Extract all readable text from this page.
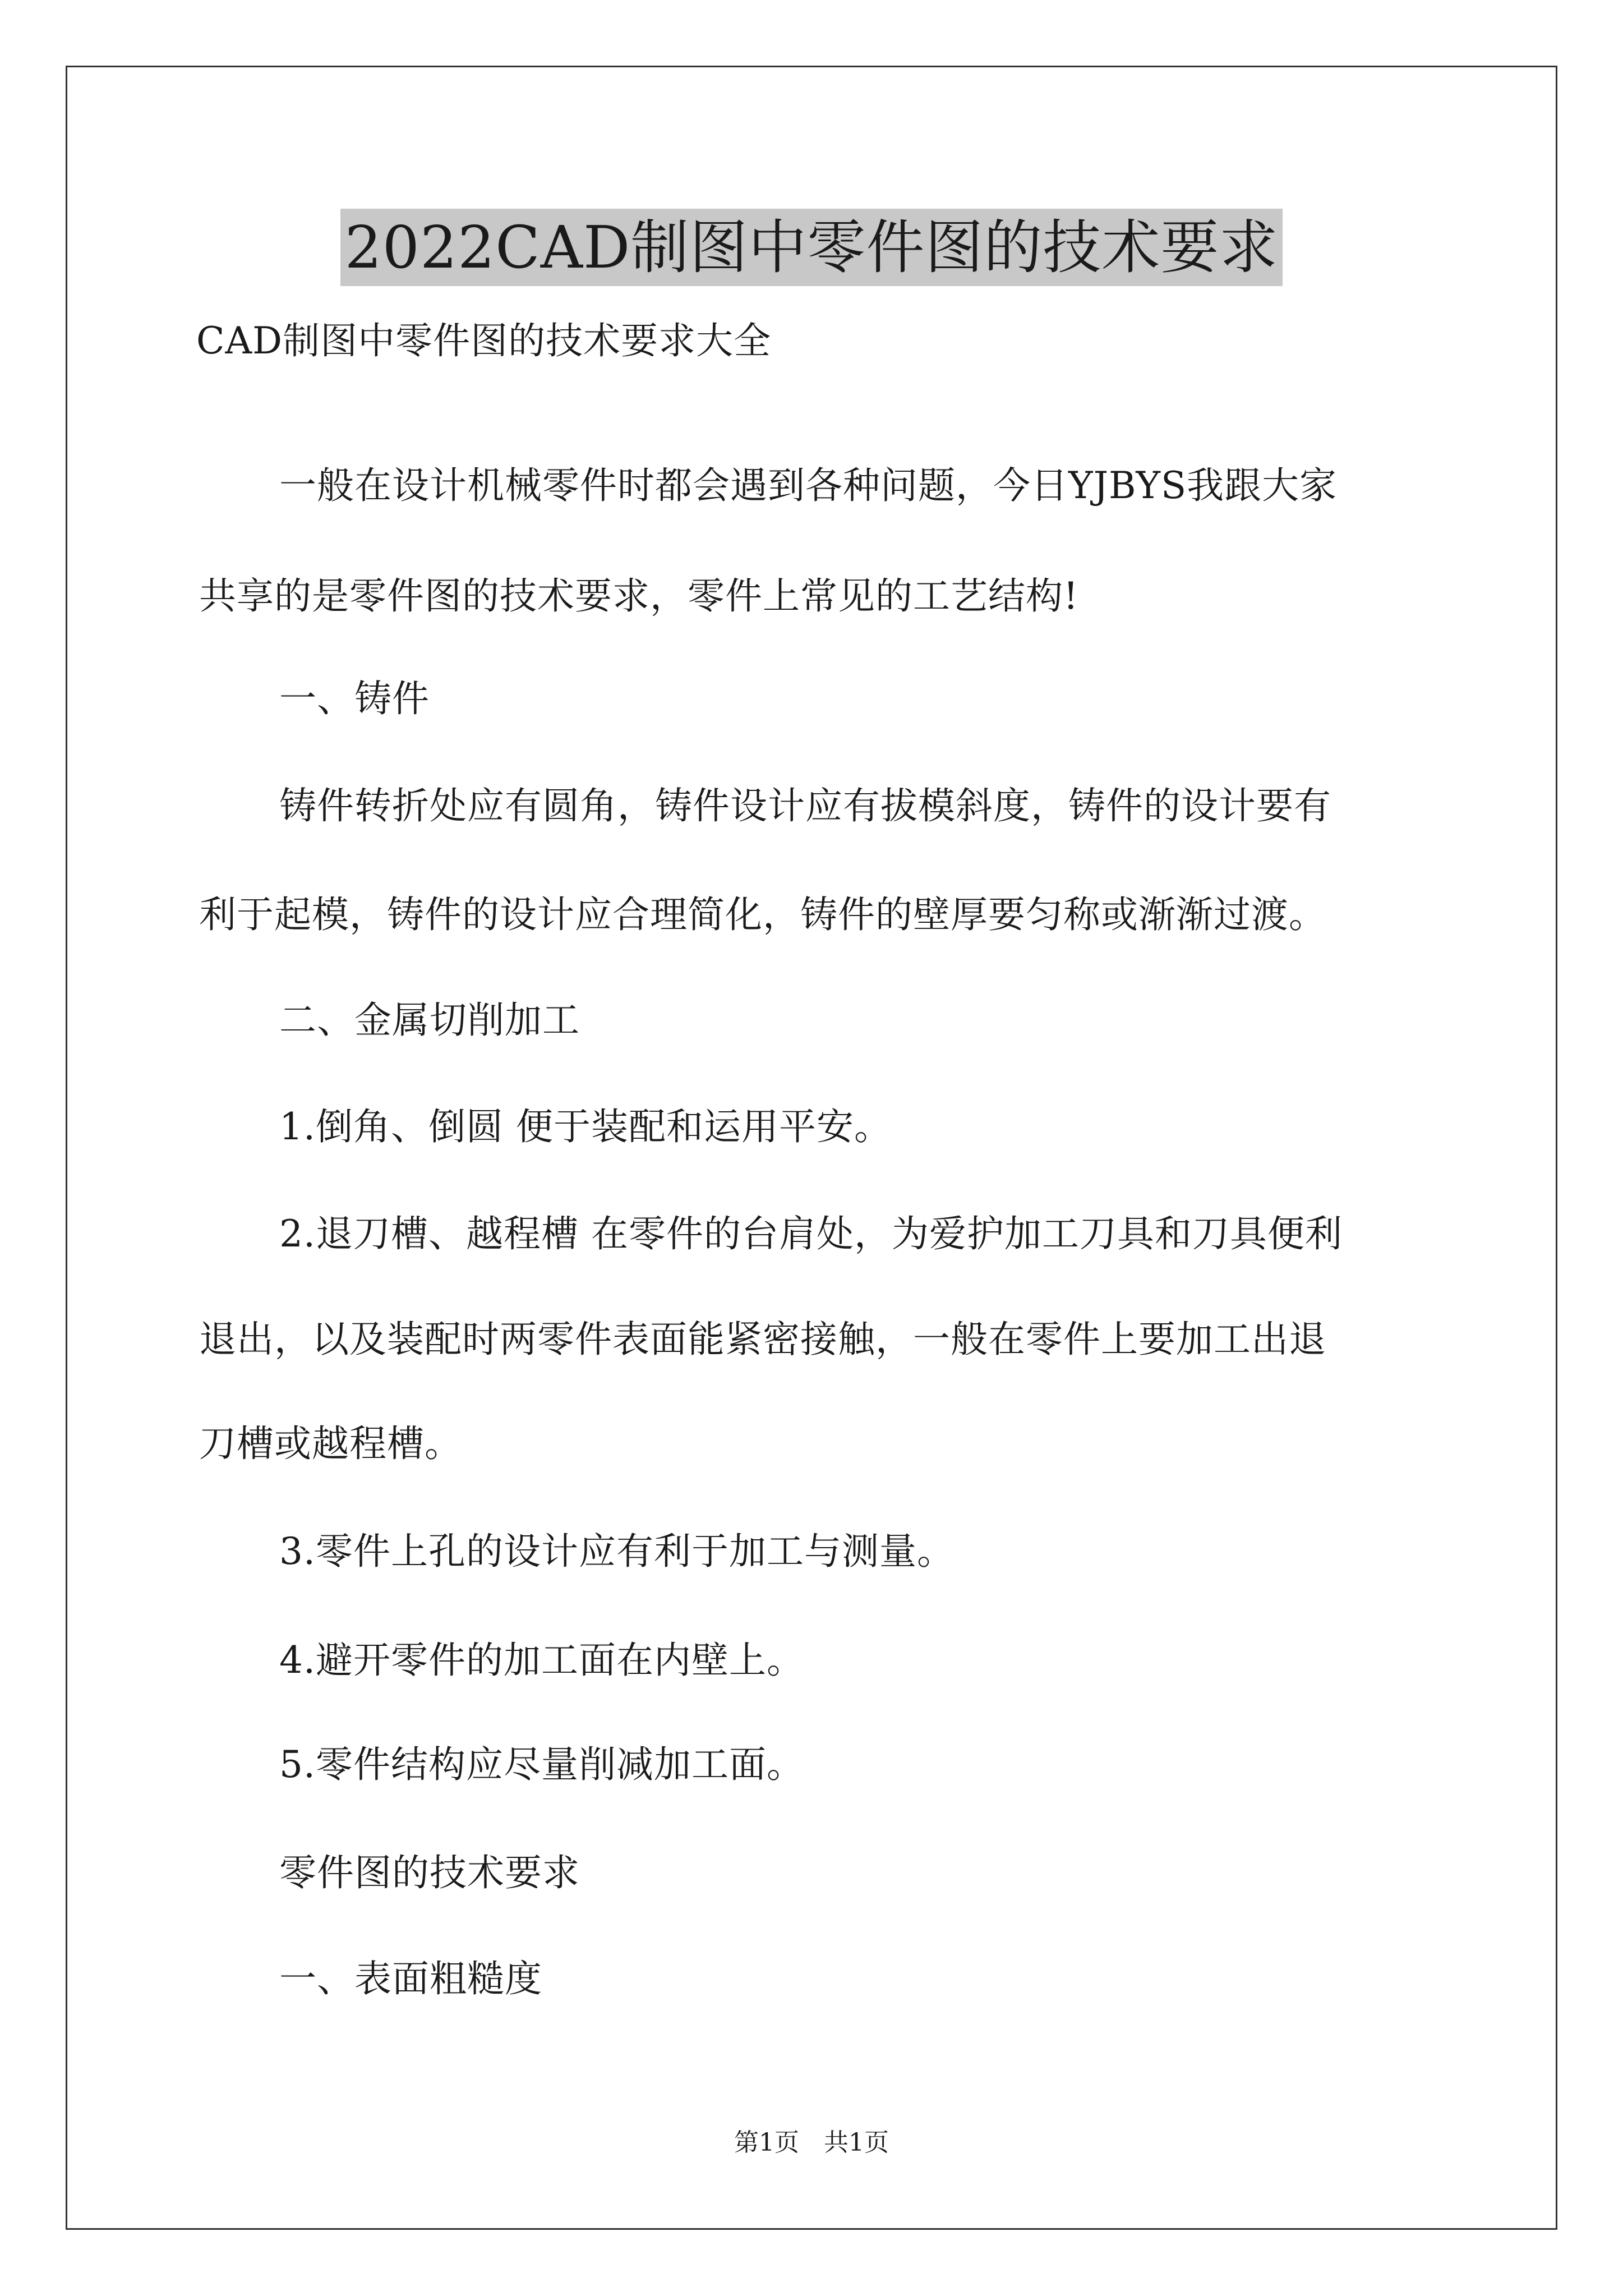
2022CAD制图中零件图的技术要求
CAD制图中零件图的技术要求大全
一般在设计机械零件时都会遇到各种问题，今日YJBYS我跟大家
共享的是零件图的技术要求，零件上常见的工艺结构!
一、铸件
铸件转折处应有圆角，铸件设计应有拔模斜度，铸件的设计要有
利于起模，铸件的设计应合理简化，铸件的壁厚要匀称或渐渐过渡。
二、金属切削加工
1.倒角、倒圆 便于装配和运用平安。
2.退刀槽、越程槽 在零件的台肩处，为爱护加工刀具和刀具便利
退出，以及装配时两零件表面能紧密接触，一般在零件上要加工出退
刀槽或越程槽。
3.零件上孔的设计应有利于加工与测量。
4.避开零件的加工面在内壁上。
5.零件结构应尽量削减加工面。
零件图的技术要求
一、表面粗糙度
第1页　共1页
